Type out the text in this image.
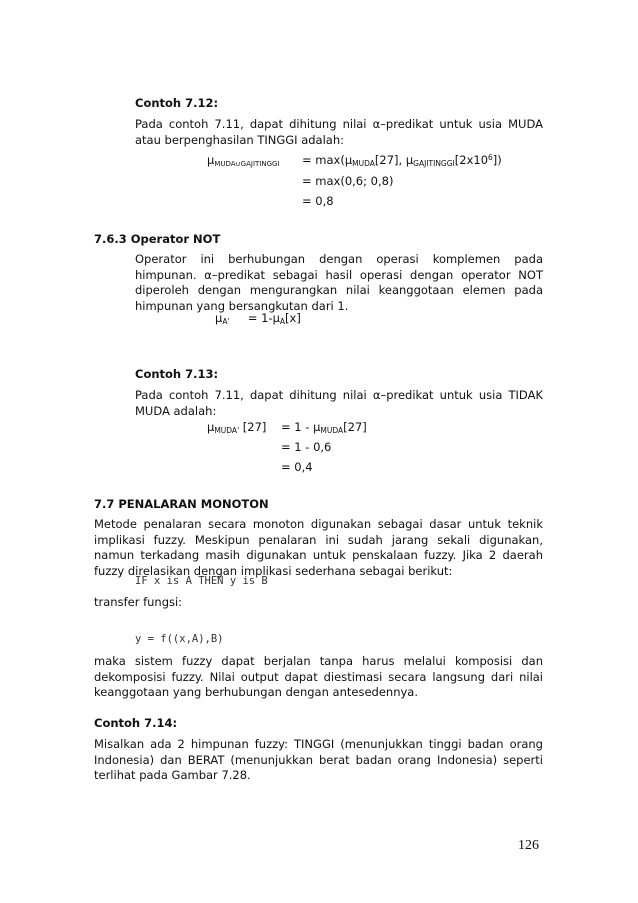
Contoh 7.12:
Pada contoh 7.11, dapat dihitung nilai α–predikat untuk usia MUDA atau berpenghasilan TINGGI adalah:
$\mu_{MUDA\cup GAJITINGGI} = \max(\mu_{MUDA}[27]$, $\mu_{GAJITINGGI}[2x10^6]$)
= max(0,6; 0,8)
= 0,8
7.6.3 Operator NOT
Operator ini berhubungan dengan operasi komplemen pada himpunan. α–predikat sebagai hasil operasi dengan operator NOT diperoleh dengan mengurangkan nilai keanggotaan elemen pada himpunan yang bersangkutan dari 1.
$\mu_{A'} = 1-\mu_A[x]$
Contoh 7.13:
Pada contoh 7.11, dapat dihitung nilai α–predikat untuk usia TIDAK MUDA adalah:
$\mu_{MUDA'}$ $[27] = 1 - \mu_{MUDA}[27]$
= 1 - 0,6
= 0,4
7.7 PENALARAN MONOTON
Metode penalaran secara monoton digunakan sebagai dasar untuk teknik implikasi fuzzy. Meskipun penalaran ini sudah jarang sekali digunakan, namun terkadang masih digunakan untuk penskalaan fuzzy. Jika 2 daerah fuzzy direlasikan dengan implikasi sederhana sebagai berikut:
IF x is A THEN y is B
transfer fungsi:
y = f((x,A),B)
maka sistem fuzzy dapat berjalan tanpa harus melalui komposisi dan dekomposisi fuzzy. Nilai output dapat diestimasi secara langsung dari nilai keanggotaan yang berhubungan dengan antesedennya.
Contoh 7.14:
Misalkan ada 2 himpunan fuzzy: TINGGI (menunjukkan tinggi badan orang Indonesia) dan BERAT (menunjukkan berat badan orang Indonesia) seperti terlihat pada Gambar 7.28.
126
